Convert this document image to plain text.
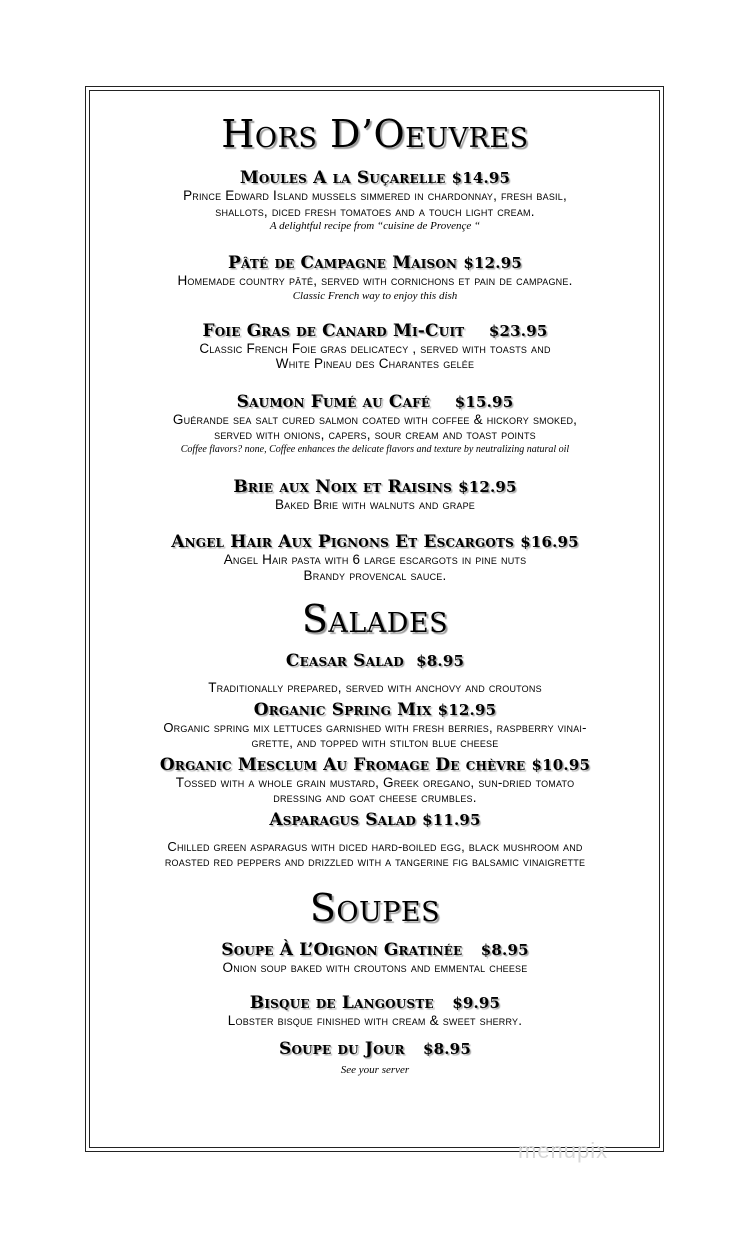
Hors D’Oeuvres

Moules A la Suçarelle $14.95

Prince Edward Island mussels simmered in chardonnay, fresh basil,
shallots, diced fresh tomatoes and a touch light cream.

A delightful recipe from “cuisine de Provençe “

Pâté de Campagne Maison $12.95

Homemade country pâté, served with cornichons et pain de campagne.

Classic French way to enjoy this dish

Foie Gras de Canard Mi-Cuit $23.95

Classic French Foie gras delicatecy , served with toasts and
White Pineau des Charantes gelée

Saumon Fumé au Café $15.95

Guérande sea salt cured salmon coated with coffee & hickory smoked,
served with onions, capers, sour cream and toast points

Coffee flavors? none, Coffee enhances the delicate flavors and texture by neutralizing natural oil

Brie aux Noix et Raisins $12.95

Baked Brie with walnuts and grape

Angel Hair Aux Pignons Et Escargots $16.95

Angel Hair pasta with 6 large escargots in pine nuts
Brandy provencal sauce.

Salades

Ceasar Salad $8.95

Traditionally prepared, served with anchovy and croutons

Organic Spring Mix $12.95

Organic spring mix lettuces garnished with fresh berries, raspberry vinai-
grette, and topped with stilton blue cheese

Organic Mesclum Au Fromage De chèvre $10.95

Tossed with a whole grain mustard, Greek oregano, sun-dried tomato
dressing and goat cheese crumbles.

Asparagus Salad $11.95

Chilled green asparagus with diced hard-boiled egg, black mushroom and
roasted red peppers and drizzled with a tangerine fig balsamic vinaigrette

Soupes

Soupe À L’Oignon Gratinée $8.95

Onion soup baked with croutons and emmental cheese

Bisque de Langouste $9.95

Lobster bisque finished with cream & sweet sherry.

Soupe du Jour $8.95

See your server

menupix
